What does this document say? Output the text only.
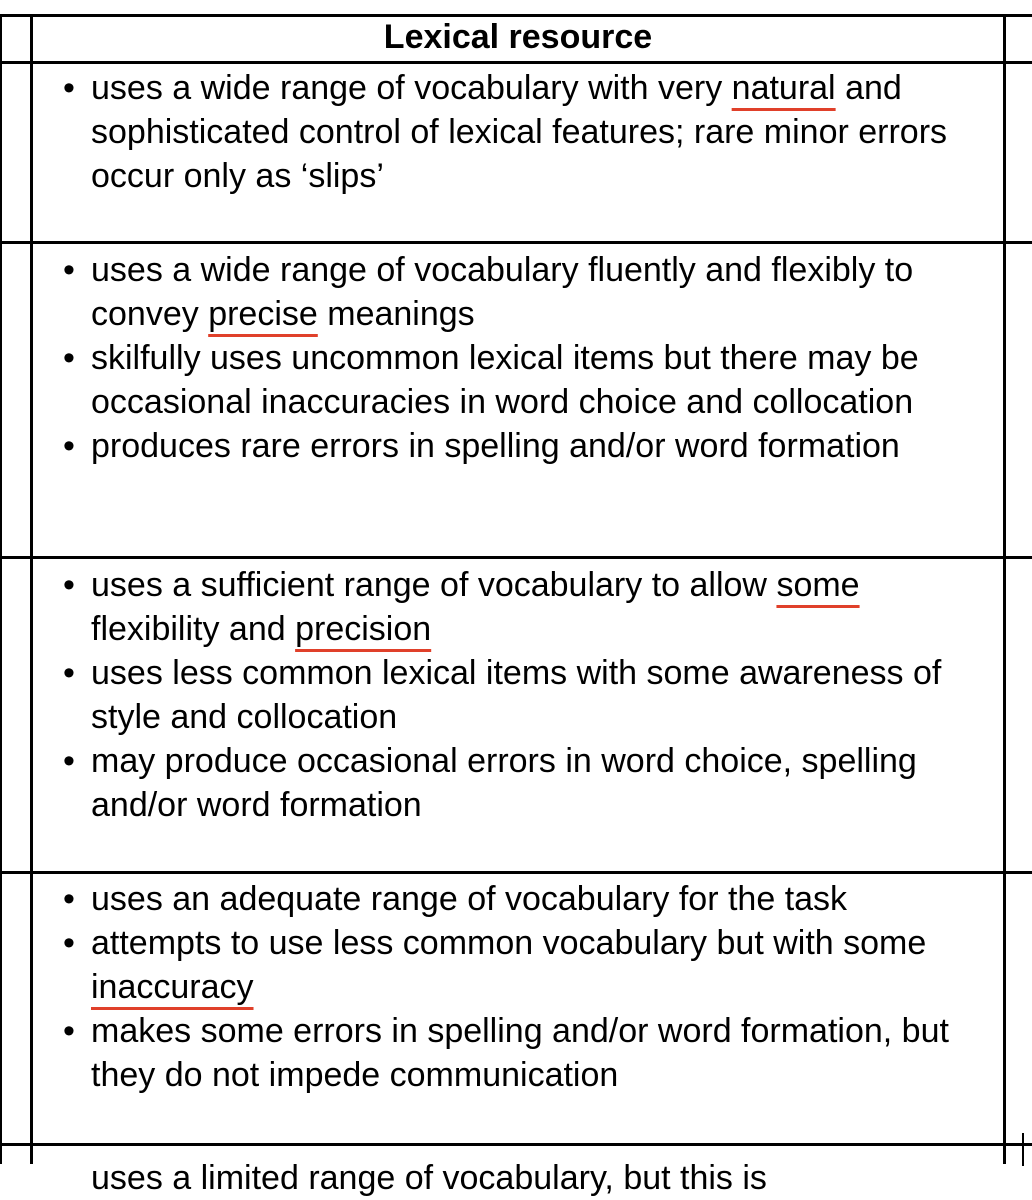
Lexical resource
• uses a wide range of vocabulary with very natural and sophisticated control of lexical features; rare minor errors occur only as ‘slips’
• uses a wide range of vocabulary fluently and flexibly to convey precise meanings
• skilfully uses uncommon lexical items but there may be occasional inaccuracies in word choice and collocation
• produces rare errors in spelling and/or word formation
• uses a sufficient range of vocabulary to allow some flexibility and precision
• uses less common lexical items with some awareness of style and collocation
• may produce occasional errors in word choice, spelling and/or word formation
• uses an adequate range of vocabulary for the task
• attempts to use less common vocabulary but with some inaccuracy
• makes some errors in spelling and/or word formation, but they do not impede communication
uses a limited range of vocabulary, but this is
